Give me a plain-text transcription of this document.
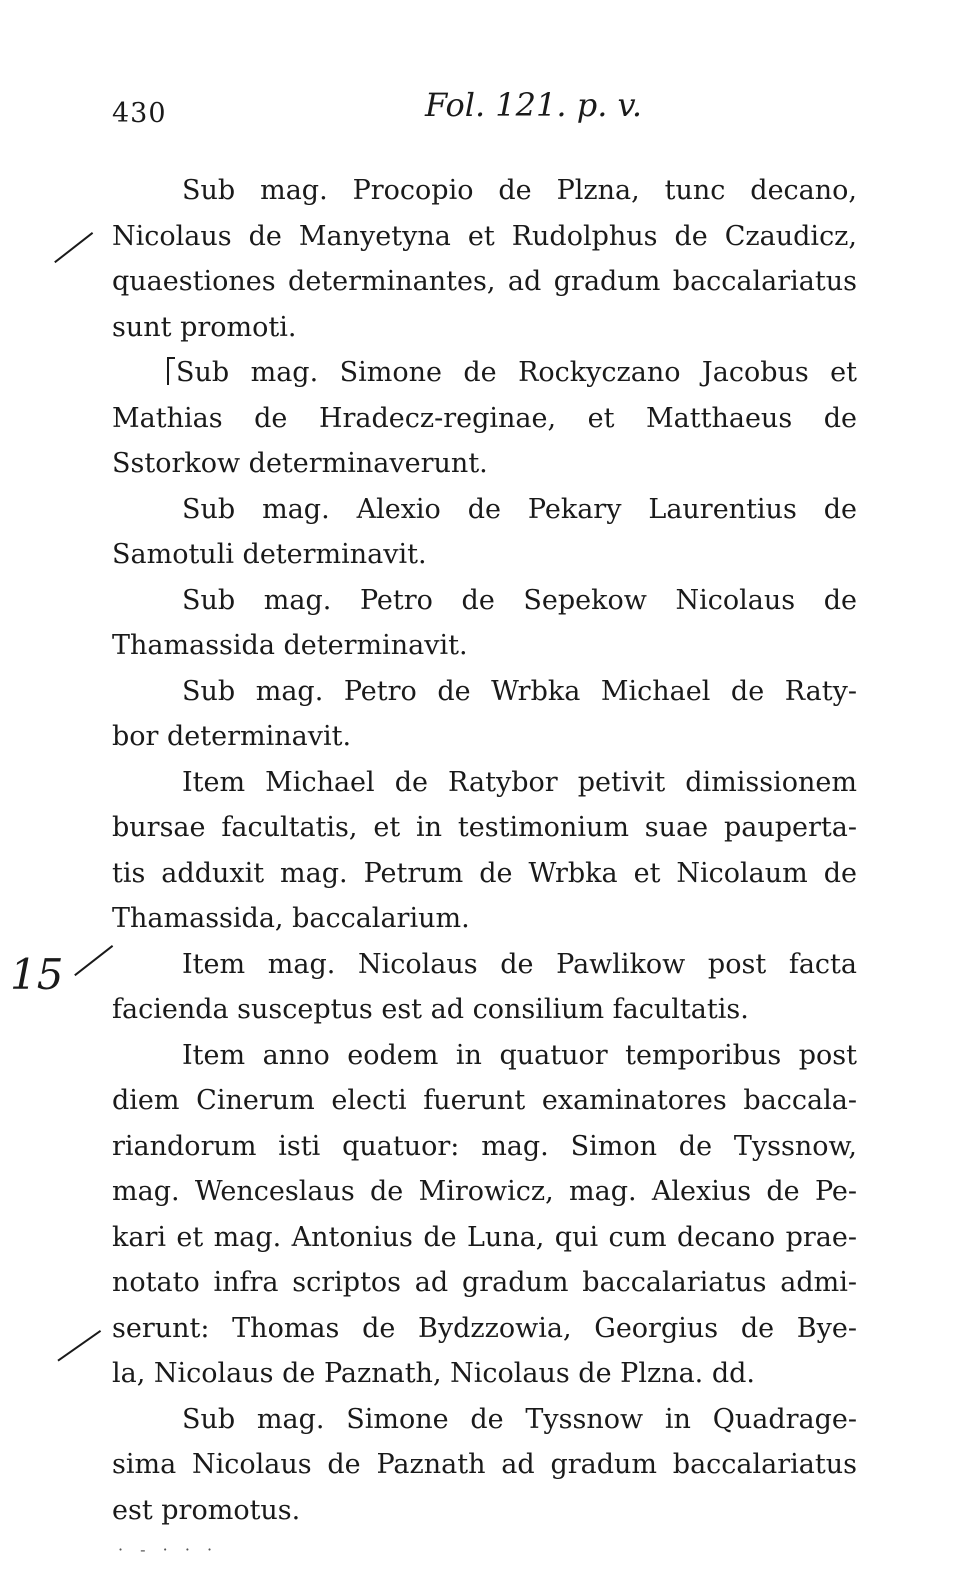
430	Fol. 121. p. v.
15
Sub mag. Procopio de Plzna, tunc decano,
Nicolaus de Manyetyna et Rudolphus de Czaudicz,
quaestiones determinantes, ad gradum baccalariatus
sunt promoti.
Sub mag. Simone de Rockyczano Jacobus et
Mathias de Hradecz-reginae, et Matthaeus de
Sstorkow determinaverunt.
Sub mag. Alexio de Pekary Laurentius de
Samotuli determinavit.
Sub mag. Petro de Sepekow Nicolaus de
Thamassida determinavit.
Sub mag. Petro de Wrbka Michael de Raty-
bor determinavit.
Item Michael de Ratybor petivit dimissionem
bursae facultatis, et in testimonium suae paupertа-
tis adduxit mag. Petrum de Wrbka et Nicolaum de
Thamassida, baccalarium.
Item mag. Nicolaus de Pawlikow post facta
facienda susceptus est ad consilium facultatis.
Item anno eodem in quatuor temporibus post
diem Cinerum electi fuerunt examinatores baccala-
riandorum isti quatuor: mag. Simon de Tyssnow,
mag. Wenceslaus de Mirowicz, mag. Alexius de Pe-
kari et mag. Antonius de Luna, qui cum decano prae-
notato infra scriptos ad gradum baccalariatus admi-
serunt: Thomas de Bydzzowia, Georgius de Bye-
la, Nicolaus de Paznath, Nicolaus de Plzna. dd.
Sub mag. Simone de Tyssnow in Quadrage-
sima Nicolaus de Paznath ad gradum baccalariatus
est promotus.
· - · · ·
